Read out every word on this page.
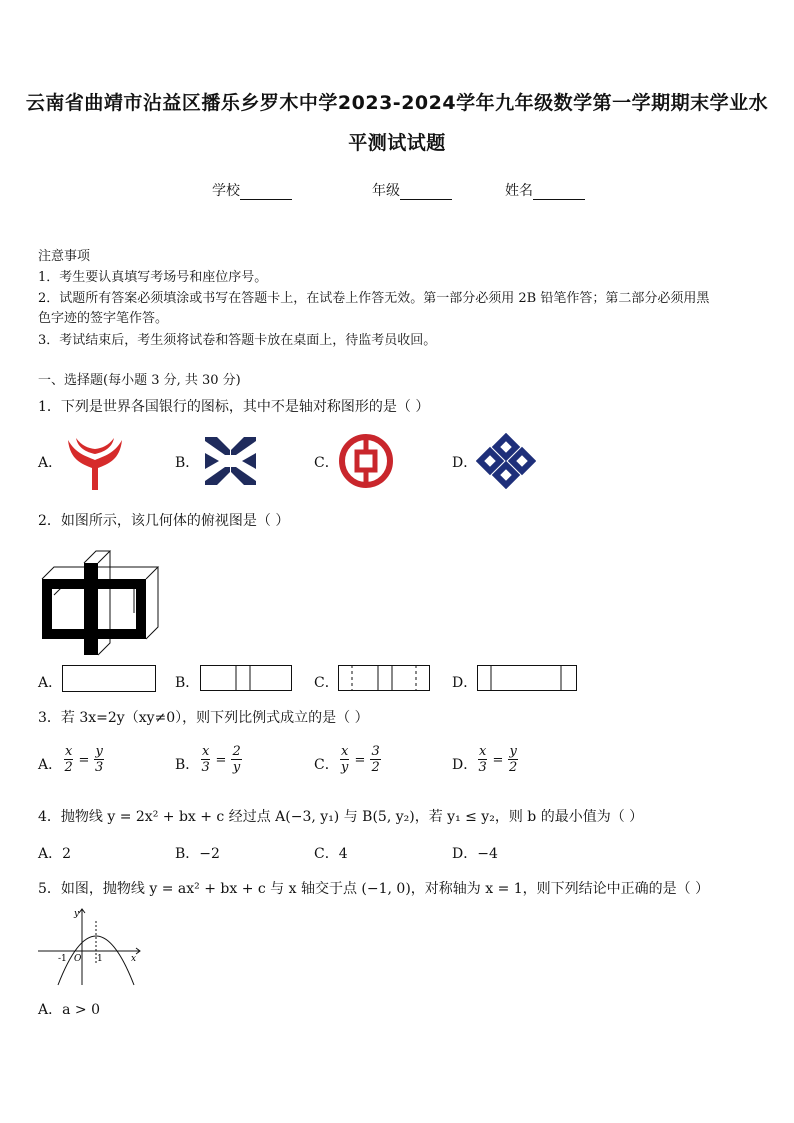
云南省曲靖市沾益区播乐乡罗木中学2023-2024学年九年级数学第一学期期末学业水
平测试试题
学校	年级	姓名
注意事项
1．考生要认真填写考场号和座位序号。
2．试题所有答案必须填涂或书写在答题卡上，在试卷上作答无效。第一部分必须用 2B 铅笔作答；第二部分必须用黑
色字迹的签字笔作答。
3．考试结束后，考生须将试卷和答题卡放在桌面上，待监考员收回。
一、选择题(每小题 3 分, 共 30 分)
1．下列是世界各国银行的图标，其中不是轴对称图形的是（ ）
A．	B．	C．	D．
2．如图所示，该几何体的俯视图是（ ）
A．	B．	C．	D．
3．若 3x=2y（xy≠0），则下列比例式成立的是（ ）
A． $\frac{x}{2} = \frac{y}{3}$	B． $\frac{x}{3} = \frac{2}{y}$	C． $\frac{x}{y} = \frac{3}{2}$	D． $\frac{x}{3} = \frac{y}{2}$
4．抛物线 y = 2x² + bx + c 经过点 A(−3, y₁) 与 B(5, y₂)，若 y₁ ≤ y₂，则 b 的最小值为（ ）
A．2	B．−2	C．4	D．−4
5．如图，抛物线 y = ax² + bx + c 与 x 轴交于点 (−1, 0)，对称轴为 x = 1，则下列结论中正确的是（ ）
y
x
-1 O 1
A．a > 0
